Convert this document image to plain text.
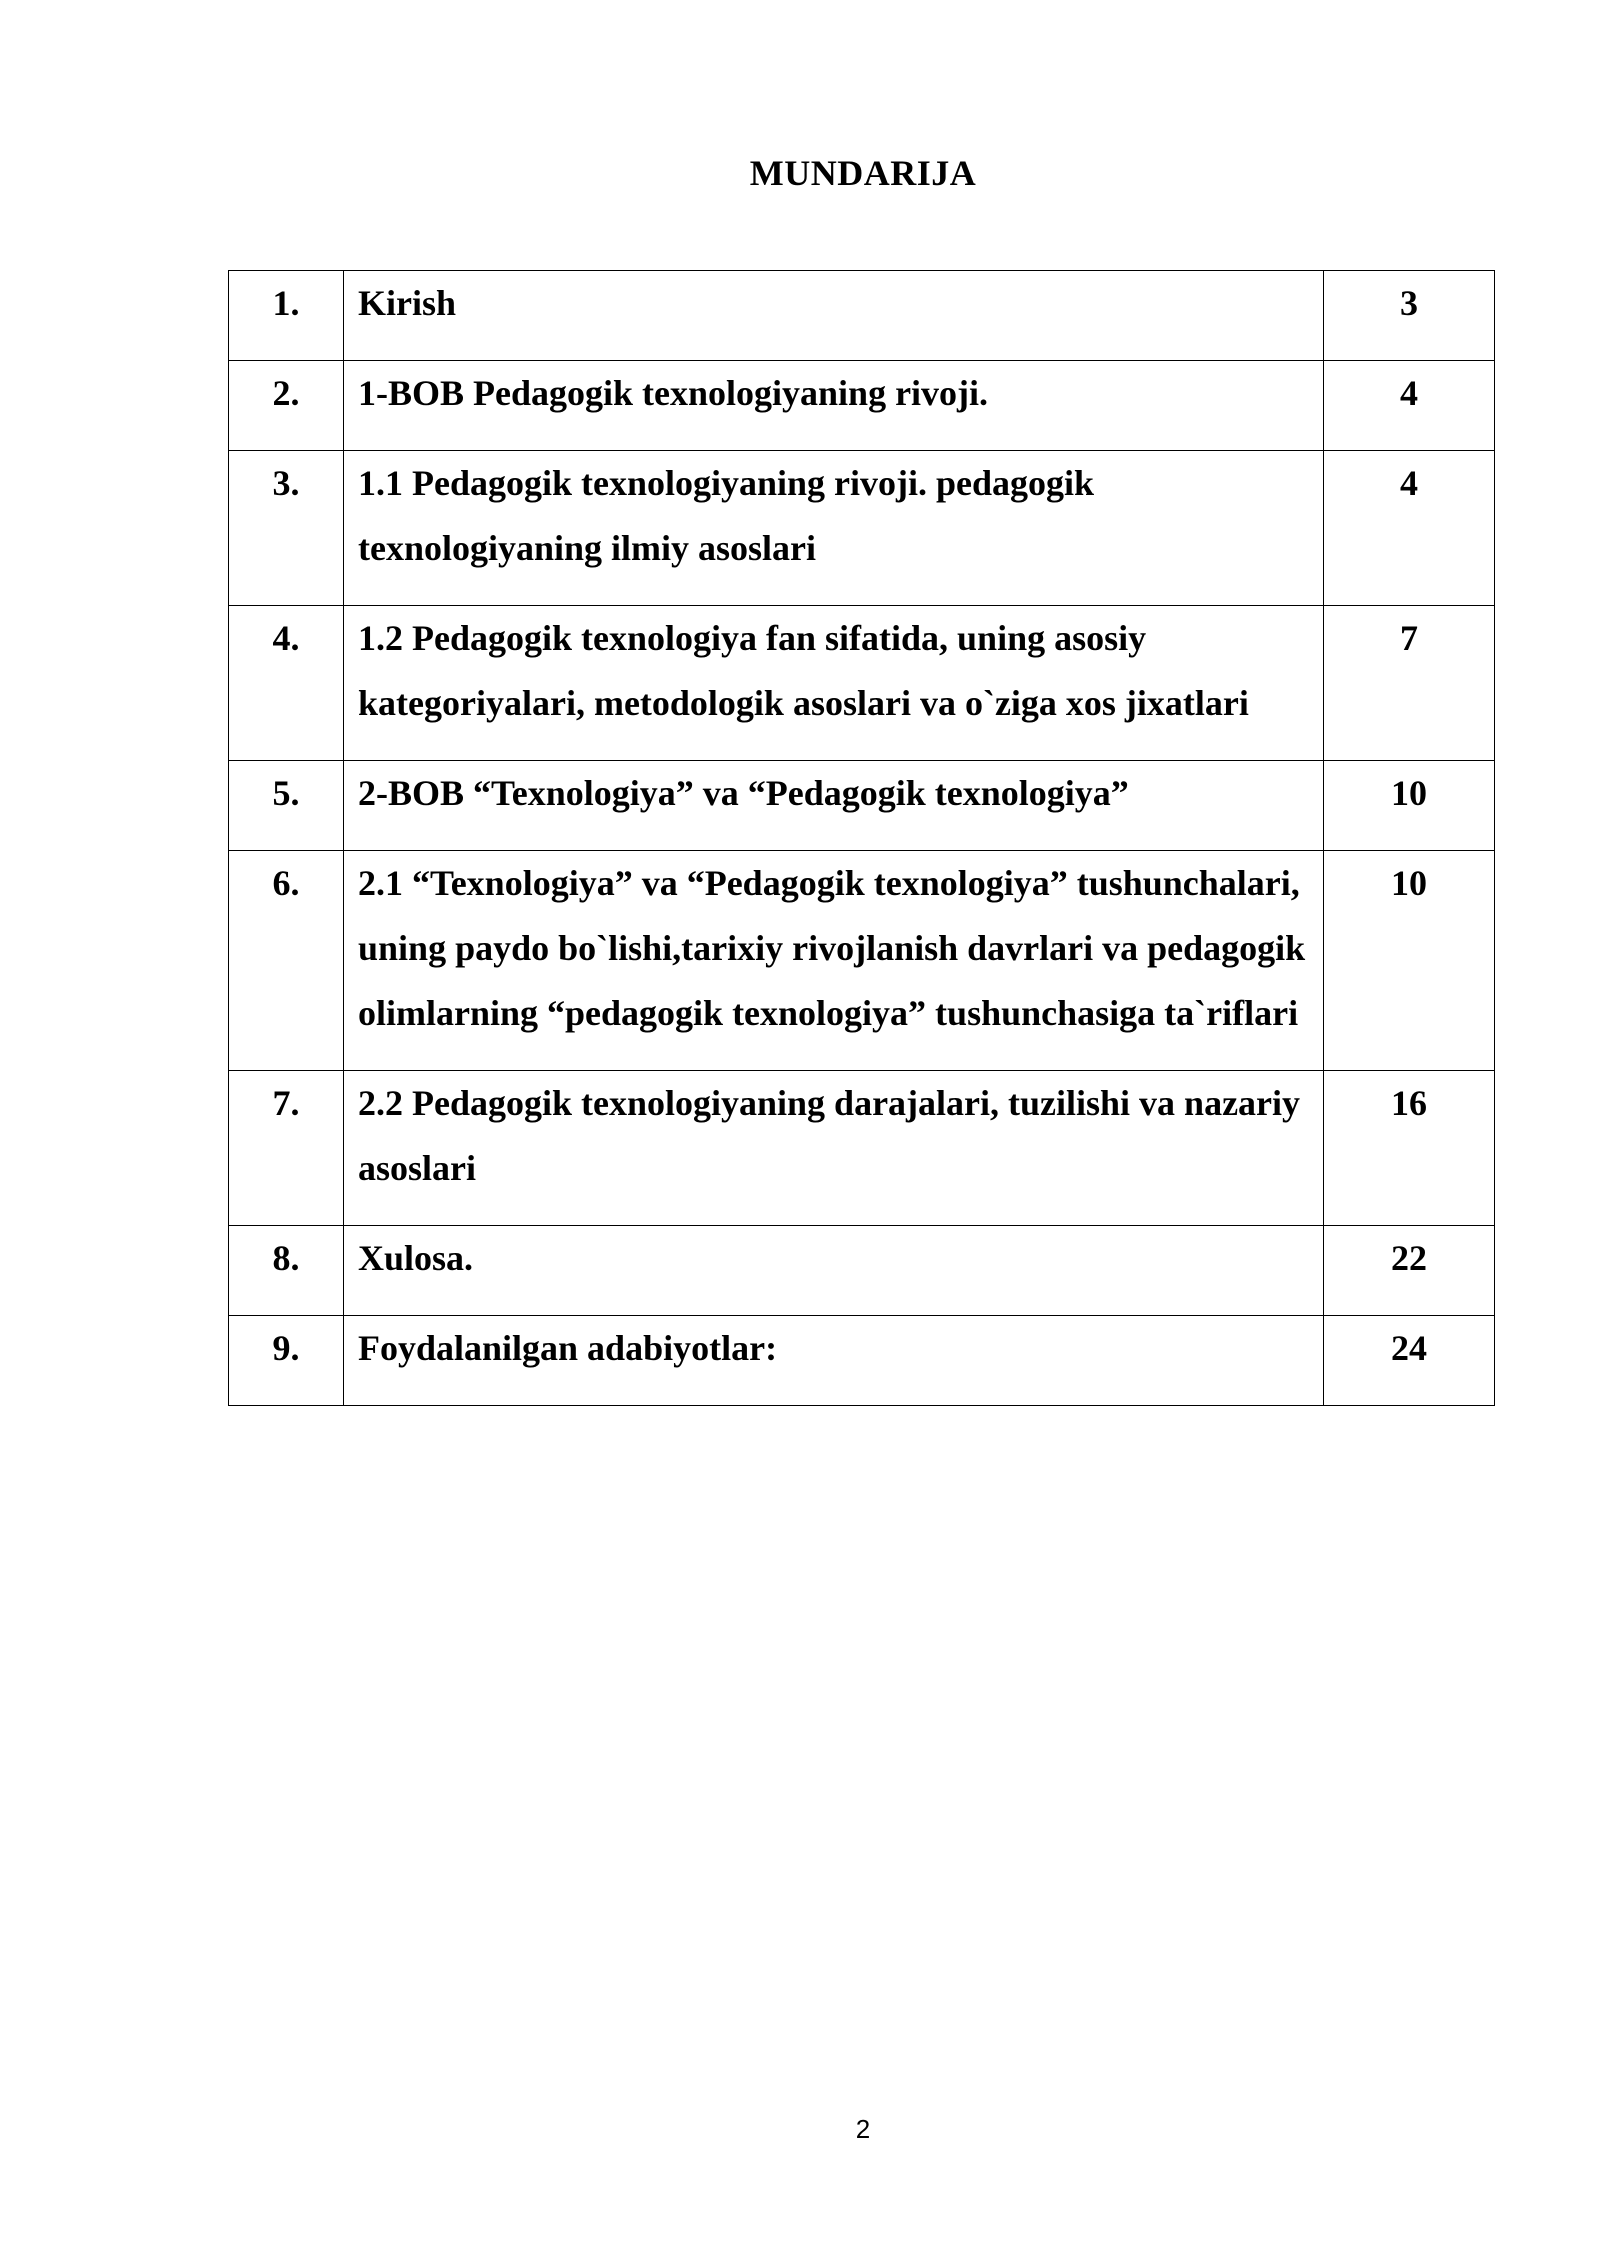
MUNDARIJA
1.	Kirish	3
2.	1-BOB Pedagogik texnologiyaning rivoji.	4
3.	1.1 Pedagogik texnologiyaning rivoji. pedagogik texnologiyaning ilmiy asoslari	4
4.	1.2 Pedagogik texnologiya fan sifatida, uning asosiy kategoriyalari, metodologik asoslari va o`ziga xos jixatlari	7
5.	2-BOB “Texnologiya” va “Pedagogik texnologiya”	10
6.	2.1 “Texnologiya” va “Pedagogik texnologiya” tushunchalari, uning paydo bo`lishi,tarixiy rivojlanish davrlari va pedagogik olimlarning “pedagogik texnologiya” tushunchasiga ta`riflari	10
7.	2.2 Pedagogik texnologiyaning darajalari, tuzilishi va nazariy asoslari	16
8.	Xulosa.	22
9.	Foydalanilgan adabiyotlar:	24
2
